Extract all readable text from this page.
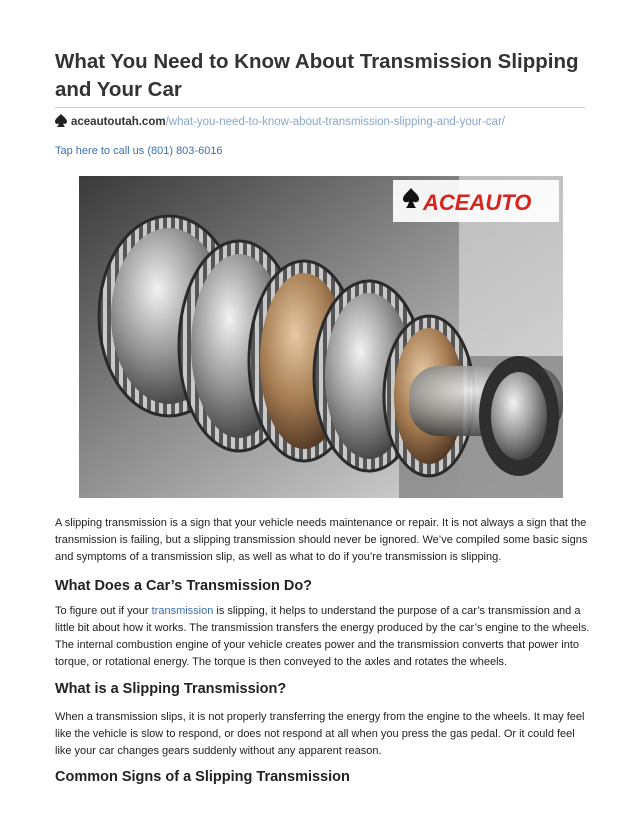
What You Need to Know About Transmission Slipping and Your Car
aceautoutah.com/what-you-need-to-know-about-transmission-slipping-and-your-car/
Tap here to call us (801) 803-6016
ACEAUTO

A slipping transmission is a sign that your vehicle needs maintenance or repair. It is not always a sign that the transmission is failing, but a slipping transmission should never be ignored. We’ve compiled some basic signs and symptoms of a transmission slip, as well as what to do if you’re transmission is slipping.

What Does a Car’s Transmission Do?

To figure out if your transmission is slipping, it helps to understand the purpose of a car’s transmission and a little bit about how it works. The transmission transfers the energy produced by the car’s engine to the wheels. The internal combustion engine of your vehicle creates power and the transmission converts that power into torque, or rotational energy. The torque is then conveyed to the axles and rotates the wheels.

What is a Slipping Transmission?

When a transmission slips, it is not properly transferring the energy from the engine to the wheels. It may feel like the vehicle is slow to respond, or does not respond at all when you press the gas pedal. Or it could feel like your car changes gears suddenly without any apparent reason.

Common Signs of a Slipping Transmission
